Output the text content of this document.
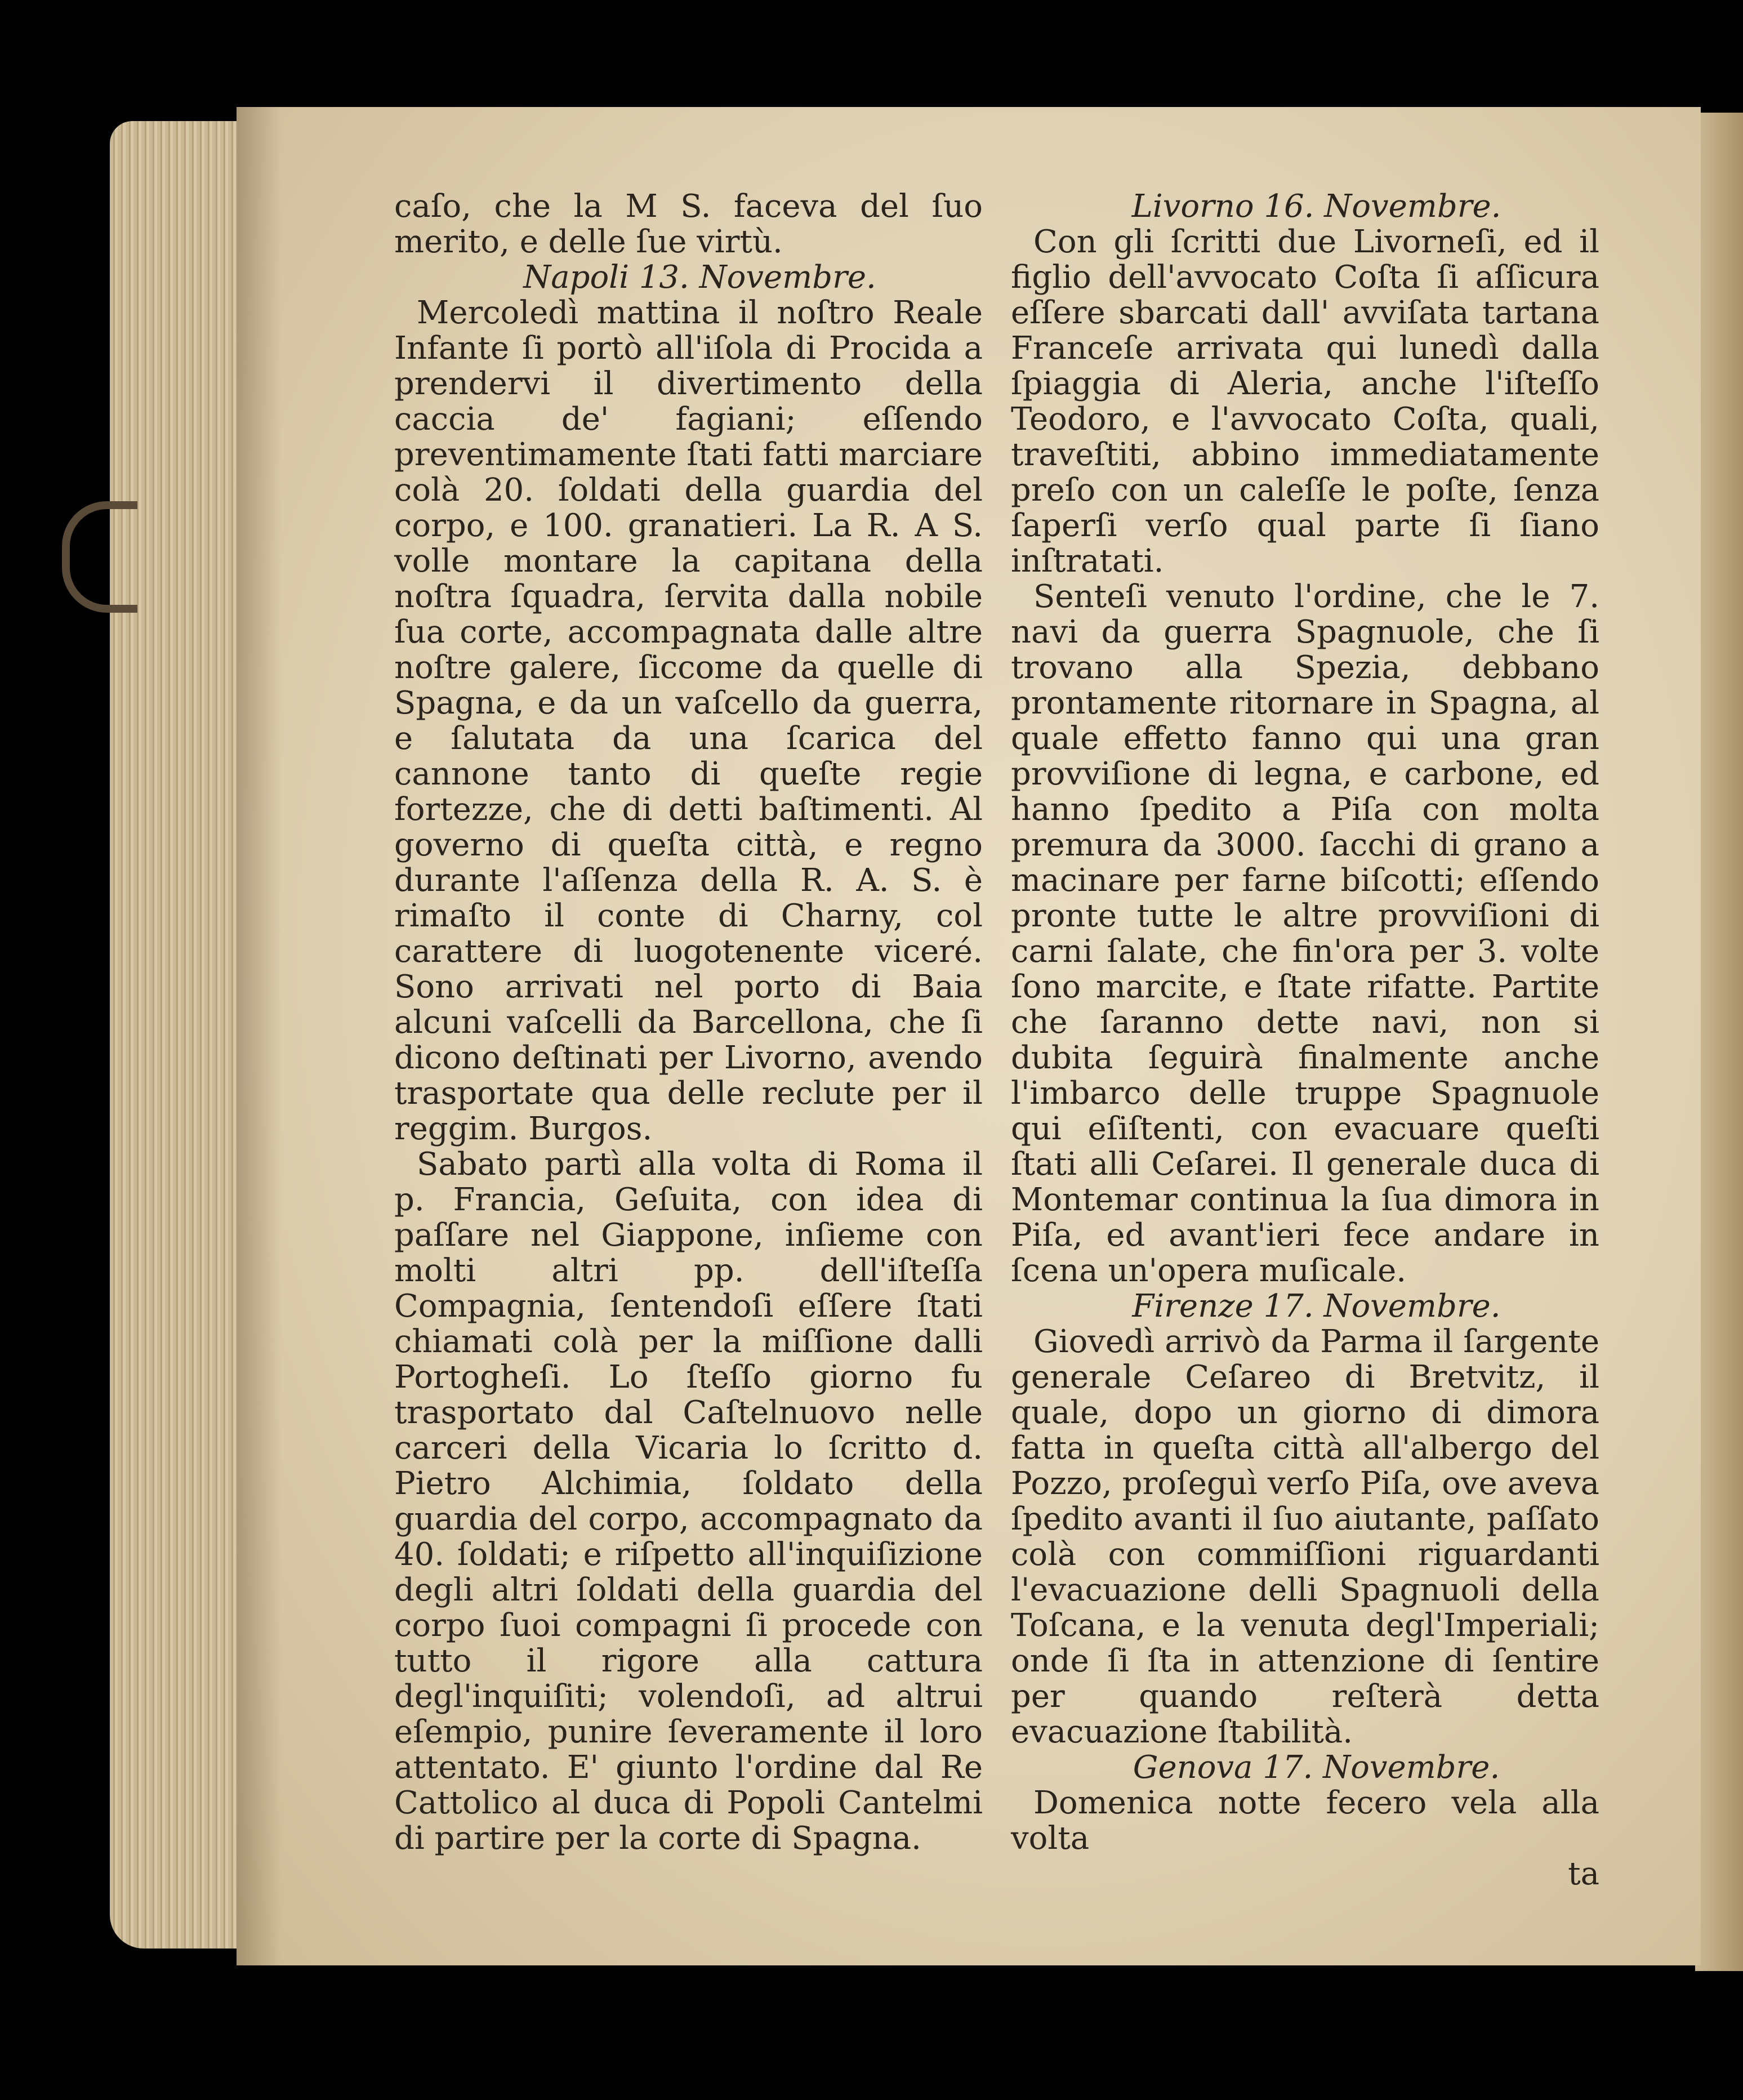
caſo, che la M S. faceva del ſuo merito, e delle ſue virtù.

Napoli 13. Novembre.

Mercoledì mattina il noſtro Reale Infante ſi portò all'iſola di Procida a prendervi il divertimento della caccia de' fagiani; eſſendo preventimamente ſtati fatti marciare colà 20. ſoldati della guardia del corpo, e 100. granatieri. La R. A S. volle montare la capitana della noſtra ſquadra, ſervita dalla nobile ſua corte, accompagnata dalle altre noſtre galere, ſiccome da quelle di Spagna, e da un vaſcello da guerra, e ſalutata da una ſcarica del cannone tanto di queſte regie fortezze, che di detti baſtimenti. Al governo di queſta città, e regno durante l'aſſenza della R. A. S. è rimaſto il conte di Charny, col carattere di luogotenente viceré. Sono arrivati nel porto di Baia alcuni vaſcelli da Barcellona, che ſi dicono deſtinati per Livorno, avendo trasportate qua delle reclute per il reggim. Burgos.

Sabato partì alla volta di Roma il p. Francia, Geſuita, con idea di paſſare nel Giappone, inſieme con molti altri pp. dell'iſteſſa Compagnia, ſentendoſi eſſere ſtati chiamati colà per la miſſione dalli Portogheſi. Lo ſteſſo giorno fu trasportato dal Caſtelnuovo nelle carceri della Vicaria lo ſcritto d. Pietro Alchimia, ſoldato della guardia del corpo, accompagnato da 40. ſoldati; e riſpetto all'inquiſizione degli altri ſoldati della guardia del corpo ſuoi compagni ſi procede con tutto il rigore alla cattura degl'inquiſiti; volendoſi, ad altrui eſempio, punire ſeveramente il loro attentato. E' giunto l'ordine dal Re Cattolico al duca di Popoli Cantelmi di partire per la corte di Spagna.

Livorno 16. Novembre.

Con gli ſcritti due Livorneſi, ed il figlio dell'avvocato Coſta ſi aſſicura eſſere sbarcati dall' avviſata tartana Franceſe arrivata qui lunedì dalla ſpiaggia di Aleria, anche l'iſteſſo Teodoro, e l'avvocato Coſta, quali, traveſtiti, abbino immediatamente preſo con un caleſſe le poſte, ſenza ſaperſi verſo qual parte ſi ſiano inſtratati.

Senteſi venuto l'ordine, che le 7. navi da guerra Spagnuole, che ſi trovano alla Spezia, debbano prontamente ritornare in Spagna, al quale effetto fanno qui una gran provviſione di legna, e carbone, ed hanno ſpedito a Piſa con molta premura da 3000. ſacchi di grano a macinare per farne biſcotti; eſſendo pronte tutte le altre provviſioni di carni ſalate, che fin'ora per 3. volte ſono marcite, e ſtate rifatte. Partite che ſaranno dette navi, non si dubita ſeguirà finalmente anche l'imbarco delle truppe Spagnuole qui eſiſtenti, con evacuare queſti ſtati alli Ceſarei. Il generale duca di Montemar continua la ſua dimora in Piſa, ed avant'ieri fece andare in ſcena un'opera muſicale.

Firenze 17. Novembre.

Giovedì arrivò da Parma il ſargente generale Ceſareo di Bretvitz, il quale, dopo un giorno di dimora fatta in queſta città all'albergo del Pozzo, proſeguì verſo Piſa, ove aveva ſpedito avanti il ſuo aiutante, paſſato colà con commiſſioni riguardanti l'evacuazione delli Spagnuoli della Toſcana, e la venuta degl'Imperiali; onde ſi ſta in attenzione di ſentire per quando reſterà detta evacuazione ſtabilità.

Genova 17. Novembre.

Domenica notte fecero vela alla volta

ta
